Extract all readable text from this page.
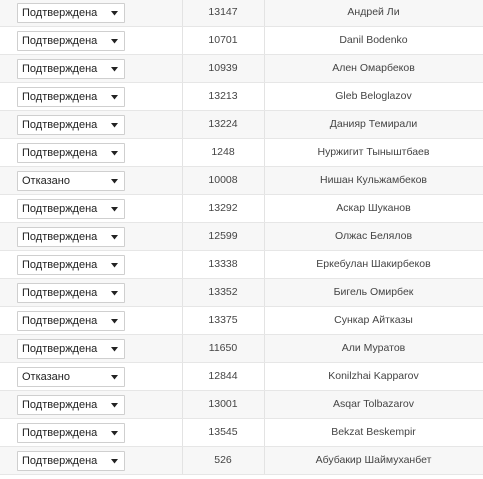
Подтверждена	13147	Андрей Ли
Подтверждена	10701	Danil Bodenko
Подтверждена	10939	Ален Омарбеков
Подтверждена	13213	Gleb Beloglazov
Подтверждена	13224	Данияр Темирали
Подтверждена	1248	Нуржигит Тыныштбаев
Отказано	10008	Нишан Кульжамбеков
Подтверждена	13292	Аскар Шуканов
Подтверждена	12599	Олжас Белялов
Подтверждена	13338	Еркебулан Шакирбеков
Подтверждена	13352	Бигель Омирбек
Подтверждена	13375	Сункар Айтказы
Подтверждена	11650	Али Муратов
Отказано	12844	Konilzhai Kapparov
Подтверждена	13001	Asqar Tolbazarov
Подтверждена	13545	Bekzat Beskempir
Подтверждена	526	Абубакир Шаймуханбет
